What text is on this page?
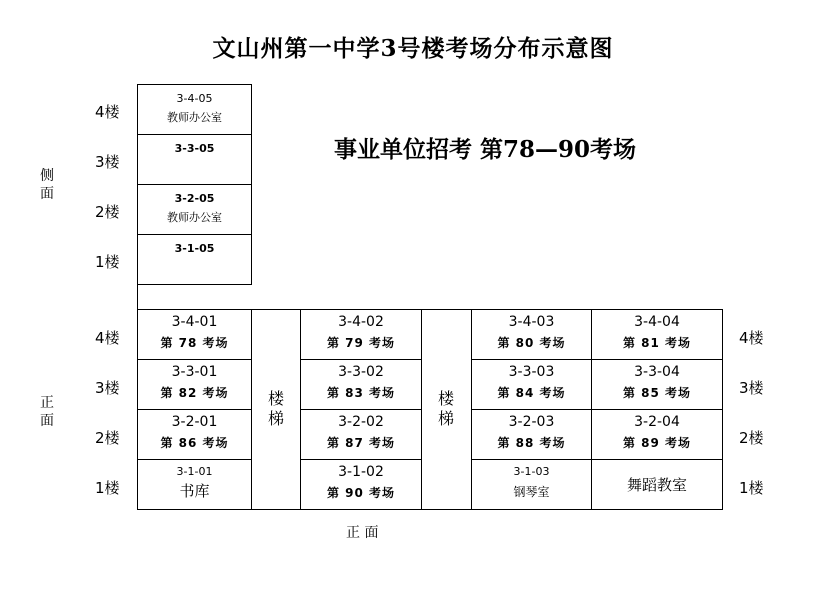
文山州第一中学3号楼考场分布示意图
事业单位招考 第78—90考场
侧
面
正
面
正 面
4楼
3楼
2楼
1楼
4楼
3楼
2楼
1楼
4楼
3楼
2楼
1楼
3-4-05
教师办公室
3-3-05
3-2-05
教师办公室
3-1-05
楼
梯
楼
梯
3-4-01
第 78 考场
3-3-01
第 82 考场
3-2-01
第 86 考场
3-1-01
书库
3-4-02
第 79 考场
3-3-02
第 83 考场
3-2-02
第 87 考场
3-1-02
第 90 考场
3-4-03
第 80 考场
3-3-03
第 84 考场
3-2-03
第 88 考场
3-1-03
钢琴室
3-4-04
第 81 考场
3-3-04
第 85 考场
3-2-04
第 89 考场
舞蹈教室
